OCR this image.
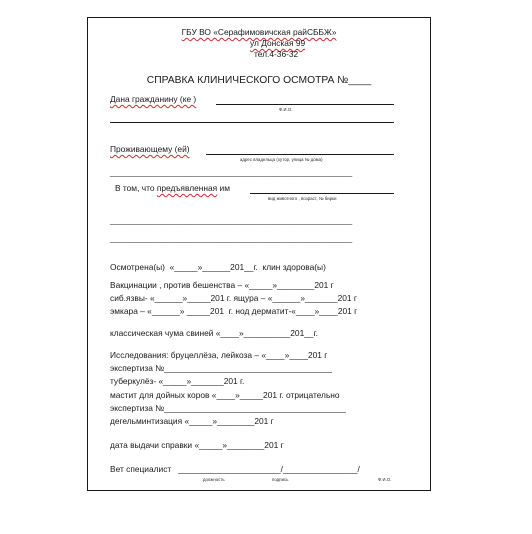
ГБУ ВО «Серафимовичская райСББЖ»
ул Донская 99
тел.4-36-32
СПРАВКА КЛИНИЧЕСКОГО ОСМОТРА №____
Дана гражданину (ке )
Ф.И.О.
Проживающему (ей)
адрес владельца (хутор, улица № дома)
____________________________________________________
В том, что предъявленная им
вид животного , возраст, № бирки
____________________________________________________
____________________________________________________
Осмотрена(ы)  «_____»______201__г.  клин здорова(ы)
Вакцинации , против бешенства – «_____»________201 г
сиб.язвы- «______»_____201 г. ящура – «______»_______201 г
эмкара – «______» _____201  г. нод дерматит-«____»____201 г
классическая чума свиней «____»__________201__г.
Исследования: бруцеллёза, лейкоза – «____»____201 г
экспертиза №____________________________________
туберкулёз- «_____»_______201 г.
мастит для дойных коров «____»_____201 г. отрицательно
экспертиза №_______________________________________
дегельминтизация «_____»________201 г
дата выдачи справки «_____»________201 г
Вет специалист   ______________________/________________/
должность	подпись	Ф.И.О.
